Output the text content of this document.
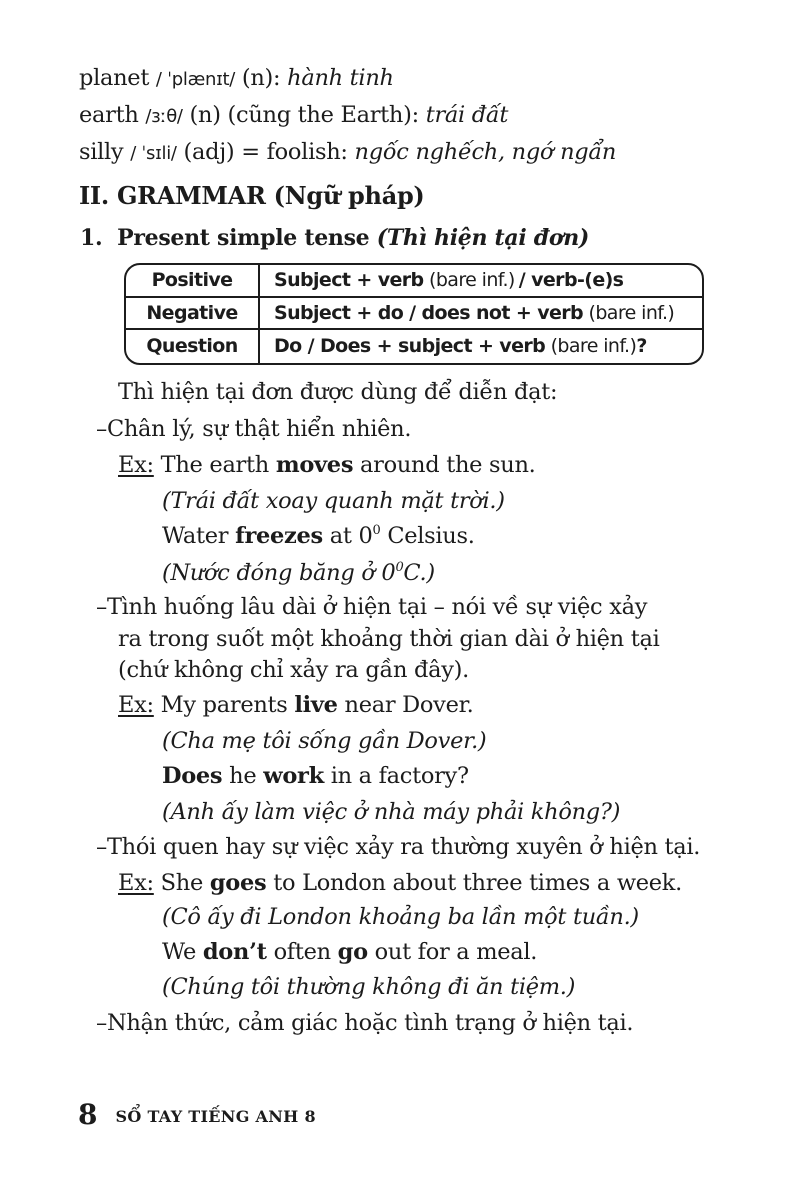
planet / ˈplænɪt/ (n): hành tinh
earth /ɜːθ/ (n) (cũng the Earth): trái đất
silly / ˈsɪli/ (adj) = foolish: ngốc nghếch, ngớ ngẩn
II. GRAMMAR (Ngữ pháp)
1. Present simple tense (Thì hiện tại đơn)
Positive	Subject + verb
(bare inf.) / verb-(e)s
Negative	Subject + do / does not + verb
(bare inf.)
Question	Do / Does + subject + verb
(bare inf.) ?
Thì hiện tại đơn được dùng để diễn đạt:
–Chân lý, sự thật hiển nhiên.
Ex: The earth moves around the sun.
(Trái đất xoay quanh mặt trời.)
Water freezes at $0^0$ Celsius.
(Nước đóng băng ở $0^0C$.)
–Tình huống lâu dài ở hiện tại – nói về sự việc xảy
ra trong suốt một khoảng thời gian dài ở hiện tại
(chứ không chỉ xảy ra gần đây).
Ex: My parents live near Dover.
(Cha mẹ tôi sống gần Dover.)
Does he work in a factory?
(Anh ấy làm việc ở nhà máy phải không?)
–Thói quen hay sự việc xảy ra thường xuyên ở hiện tại.
Ex: She goes to London about three times a week.
(Cô ấy đi London khoảng ba lần một tuần.)
We don’t often go out for a meal.
(Chúng tôi thường không đi ăn tiệm.)
–Nhận thức, cảm giác hoặc tình trạng ở hiện tại.
8 SỔ TAY TIẾNG ANH 8
